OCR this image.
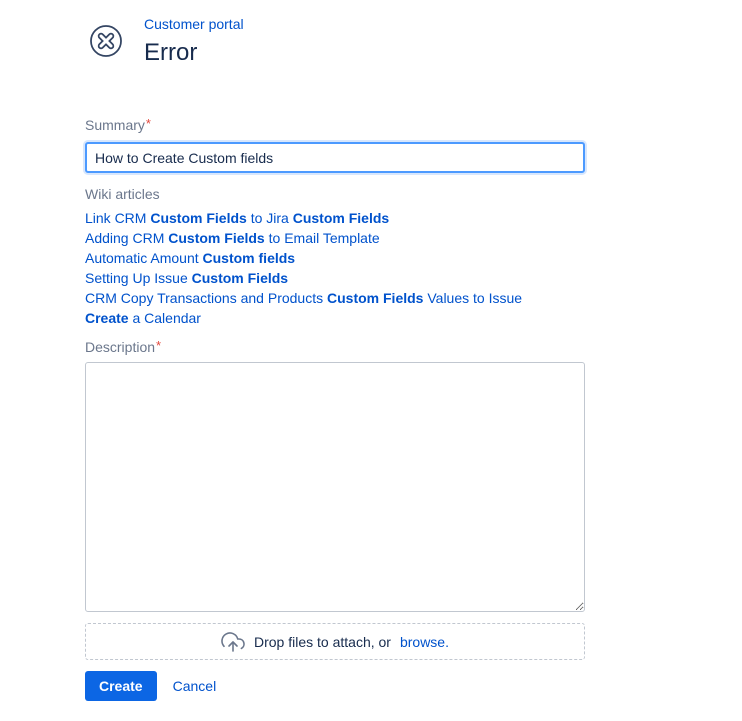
Customer portal
Error
Summary*
How to Create Custom fields
Wiki articles
Link CRM Custom Fields to Jira Custom Fields
Adding CRM Custom Fields to Email Template
Automatic Amount Custom fields
Setting Up Issue Custom Fields
CRM Copy Transactions and Products Custom Fields Values to Issue
Create a Calendar
Description*
Drop files to attach, or browse.
Create	Cancel
